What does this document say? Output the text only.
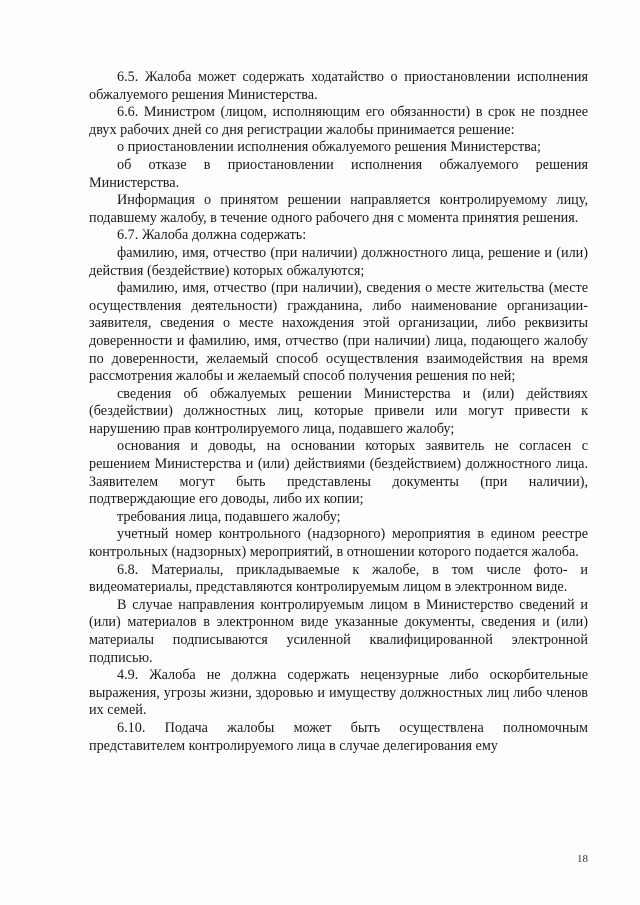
6.5. Жалоба может содержать ходатайство о приостановлении исполнения обжалуемого решения Министерства.

6.6. Министром (лицом, исполняющим его обязанности) в срок не позднее двух рабочих дней со дня регистрации жалобы принимается решение:

о приостановлении исполнения обжалуемого решения Министерства;

об отказе в приостановлении исполнения обжалуемого решения Министерства.

Информация о принятом решении направляется контролируемому лицу, подавшему жалобу, в течение одного рабочего дня с момента принятия решения.

6.7. Жалоба должна содержать:

фамилию, имя, отчество (при наличии) должностного лица, решение и (или) действия (бездействие) которых обжалуются;

фамилию, имя, отчество (при наличии), сведения о месте жительства (месте осуществления деятельности) гражданина, либо наименование организации-заявителя, сведения о месте нахождения этой организации, либо реквизиты доверенности и фамилию, имя, отчество (при наличии) лица, подающего жалобу по доверенности, желаемый способ осуществления взаимодействия на время рассмотрения жалобы и желаемый способ получения решения по ней;

сведения об обжалуемых решении Министерства и (или) действиях (бездействии) должностных лиц, которые привели или могут привести к нарушению прав контролируемого лица, подавшего жалобу;

основания и доводы, на основании которых заявитель не согласен с решением Министерства и (или) действиями (бездействием) должностного лица. Заявителем могут быть представлены документы (при наличии), подтверждающие его доводы, либо их копии;

требования лица, подавшего жалобу;

учетный номер контрольного (надзорного) мероприятия в едином реестре контрольных (надзорных) мероприятий, в отношении которого подается жалоба.

6.8. Материалы, прикладываемые к жалобе, в том числе фото- и видеоматериалы, представляются контролируемым лицом в электронном виде.

В случае направления контролируемым лицом в Министерство сведений и (или) материалов в электронном виде указанные документы, сведения и (или) материалы подписываются усиленной квалифицированной электронной подписью.

4.9. Жалоба не должна содержать нецензурные либо оскорбительные выражения, угрозы жизни, здоровью и имуществу должностных лиц либо членов их семей.

6.10. Подача жалобы может быть осуществлена полномочным представителем контролируемого лица в случае делегирования ему

18
